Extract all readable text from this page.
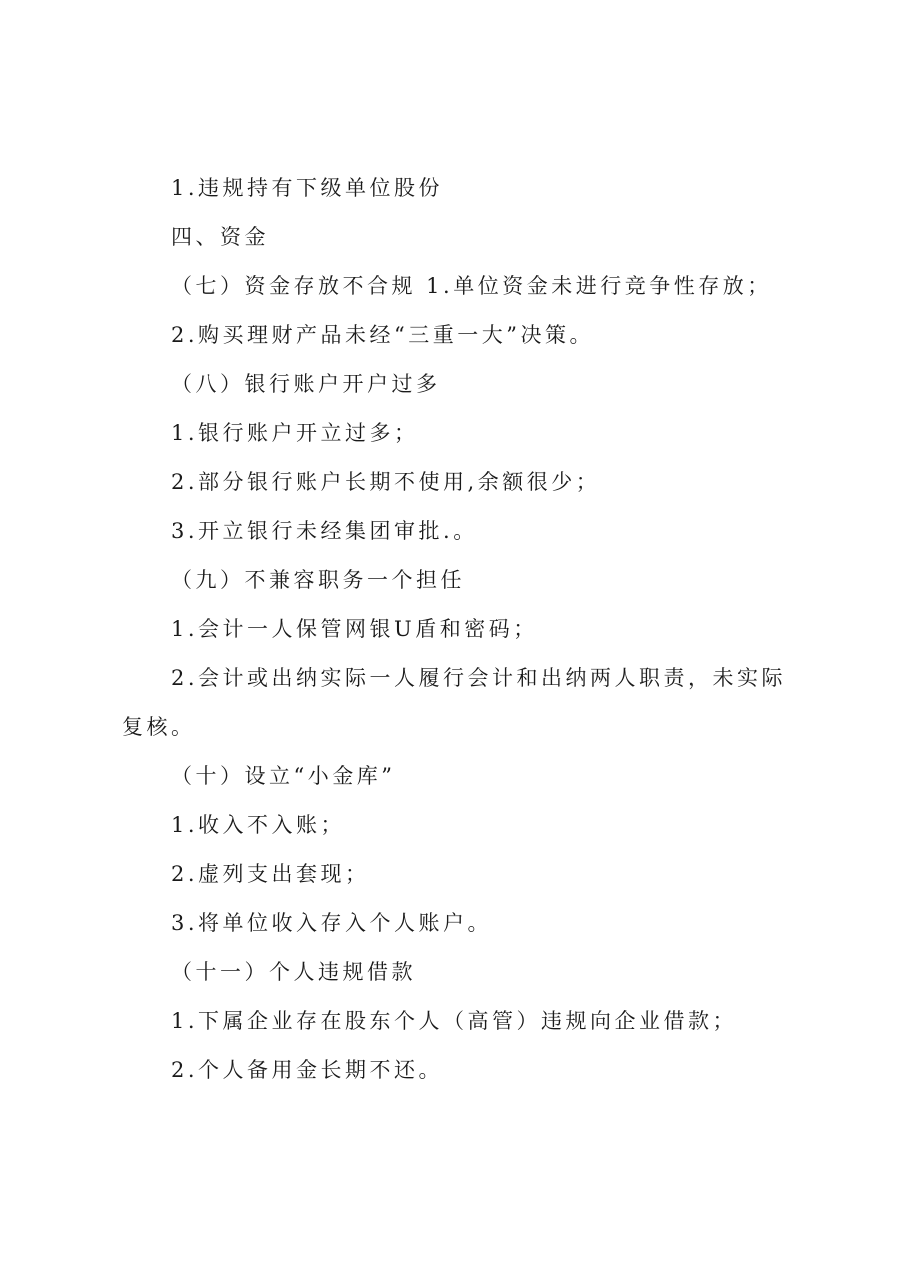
1.违规持有下级单位股份

四、资金

（七）资金存放不合规 1.单位资金未进行竞争性存放；

2.购买理财产品未经“三重一大”决策。

（八）银行账户开户过多

1.银行账户开立过多；

2.部分银行账户长期不使用,余额很少；

3.开立银行未经集团审批.。

（九）不兼容职务一个担任

1.会计一人保管网银U盾和密码；

2.会计或出纳实际一人履行会计和出纳两人职责，未实际复核。

（十）设立“小金库”

1.收入不入账；

2.虚列支出套现；

3.将单位收入存入个人账户。

（十一）个人违规借款

1.下属企业存在股东个人（高管）违规向企业借款；

2.个人备用金长期不还。
